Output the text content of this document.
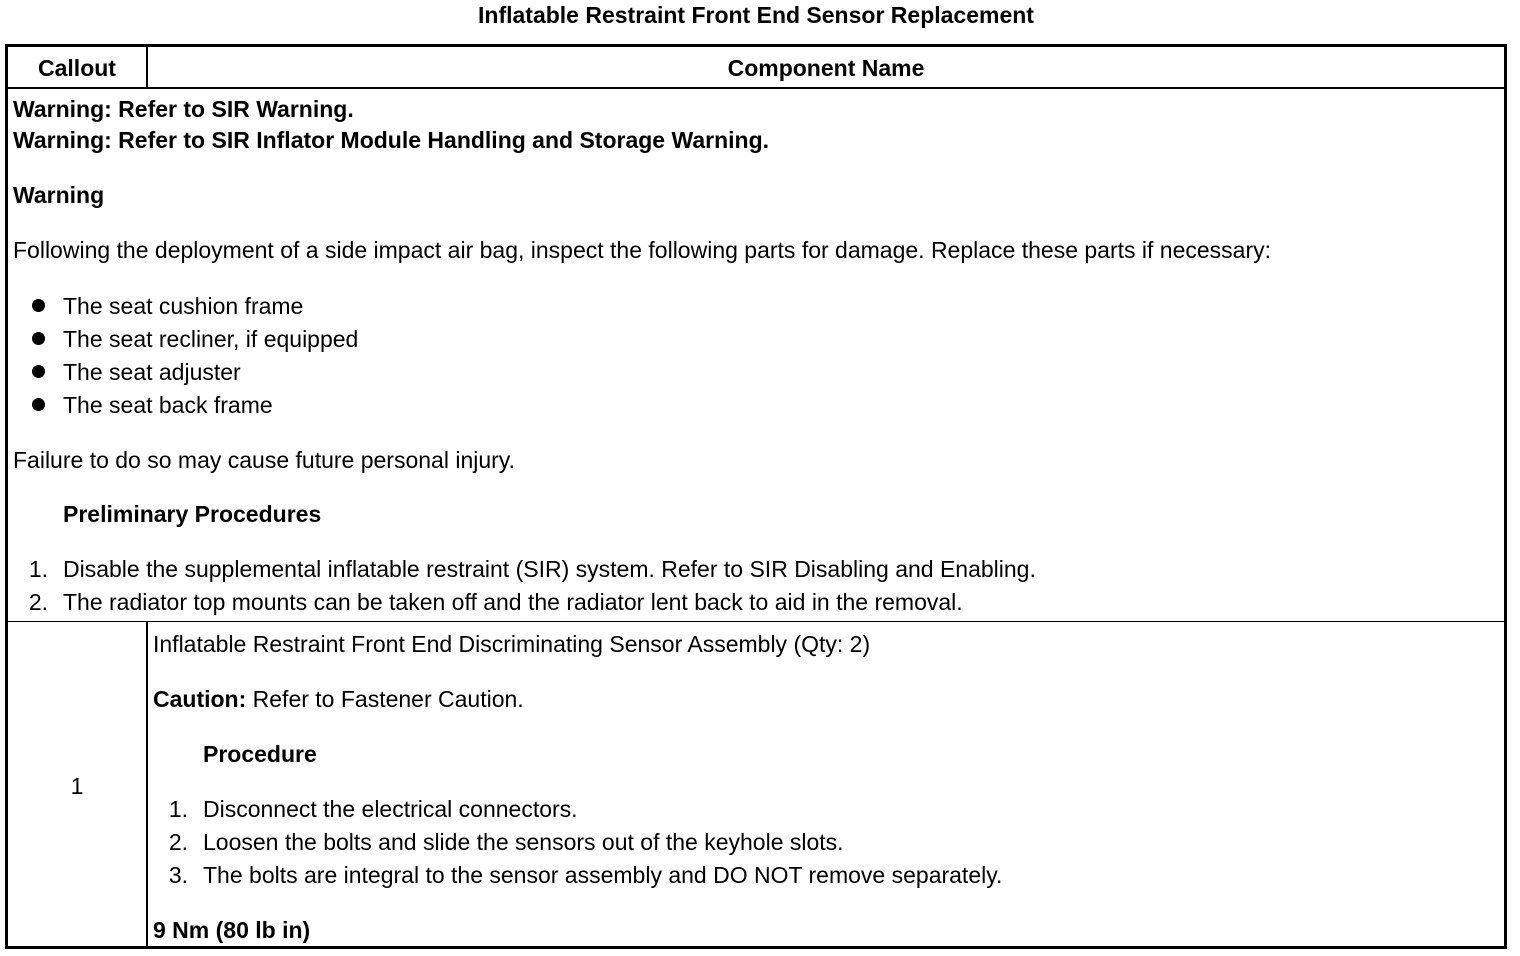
Inflatable Restraint Front End Sensor Replacement
Callout	Component Name
Warning: Refer to SIR Warning.
Warning: Refer to SIR Inflator Module Handling and Storage Warning.
Warning
Following the deployment of a side impact air bag, inspect the following parts for damage. Replace these parts if necessary:
The seat cushion frame
The seat recliner, if equipped
The seat adjuster
The seat back frame
Failure to do so may cause future personal injury.
Preliminary Procedures
1. Disable the supplemental inflatable restraint (SIR) system. Refer to SIR Disabling and Enabling.
2. The radiator top mounts can be taken off and the radiator lent back to aid in the removal.
1
Inflatable Restraint Front End Discriminating Sensor Assembly (Qty: 2)
Caution: Refer to Fastener Caution.
Procedure
1. Disconnect the electrical connectors.
2. Loosen the bolts and slide the sensors out of the keyhole slots.
3. The bolts are integral to the sensor assembly and DO NOT remove separately.
9 Nm (80 lb in)
